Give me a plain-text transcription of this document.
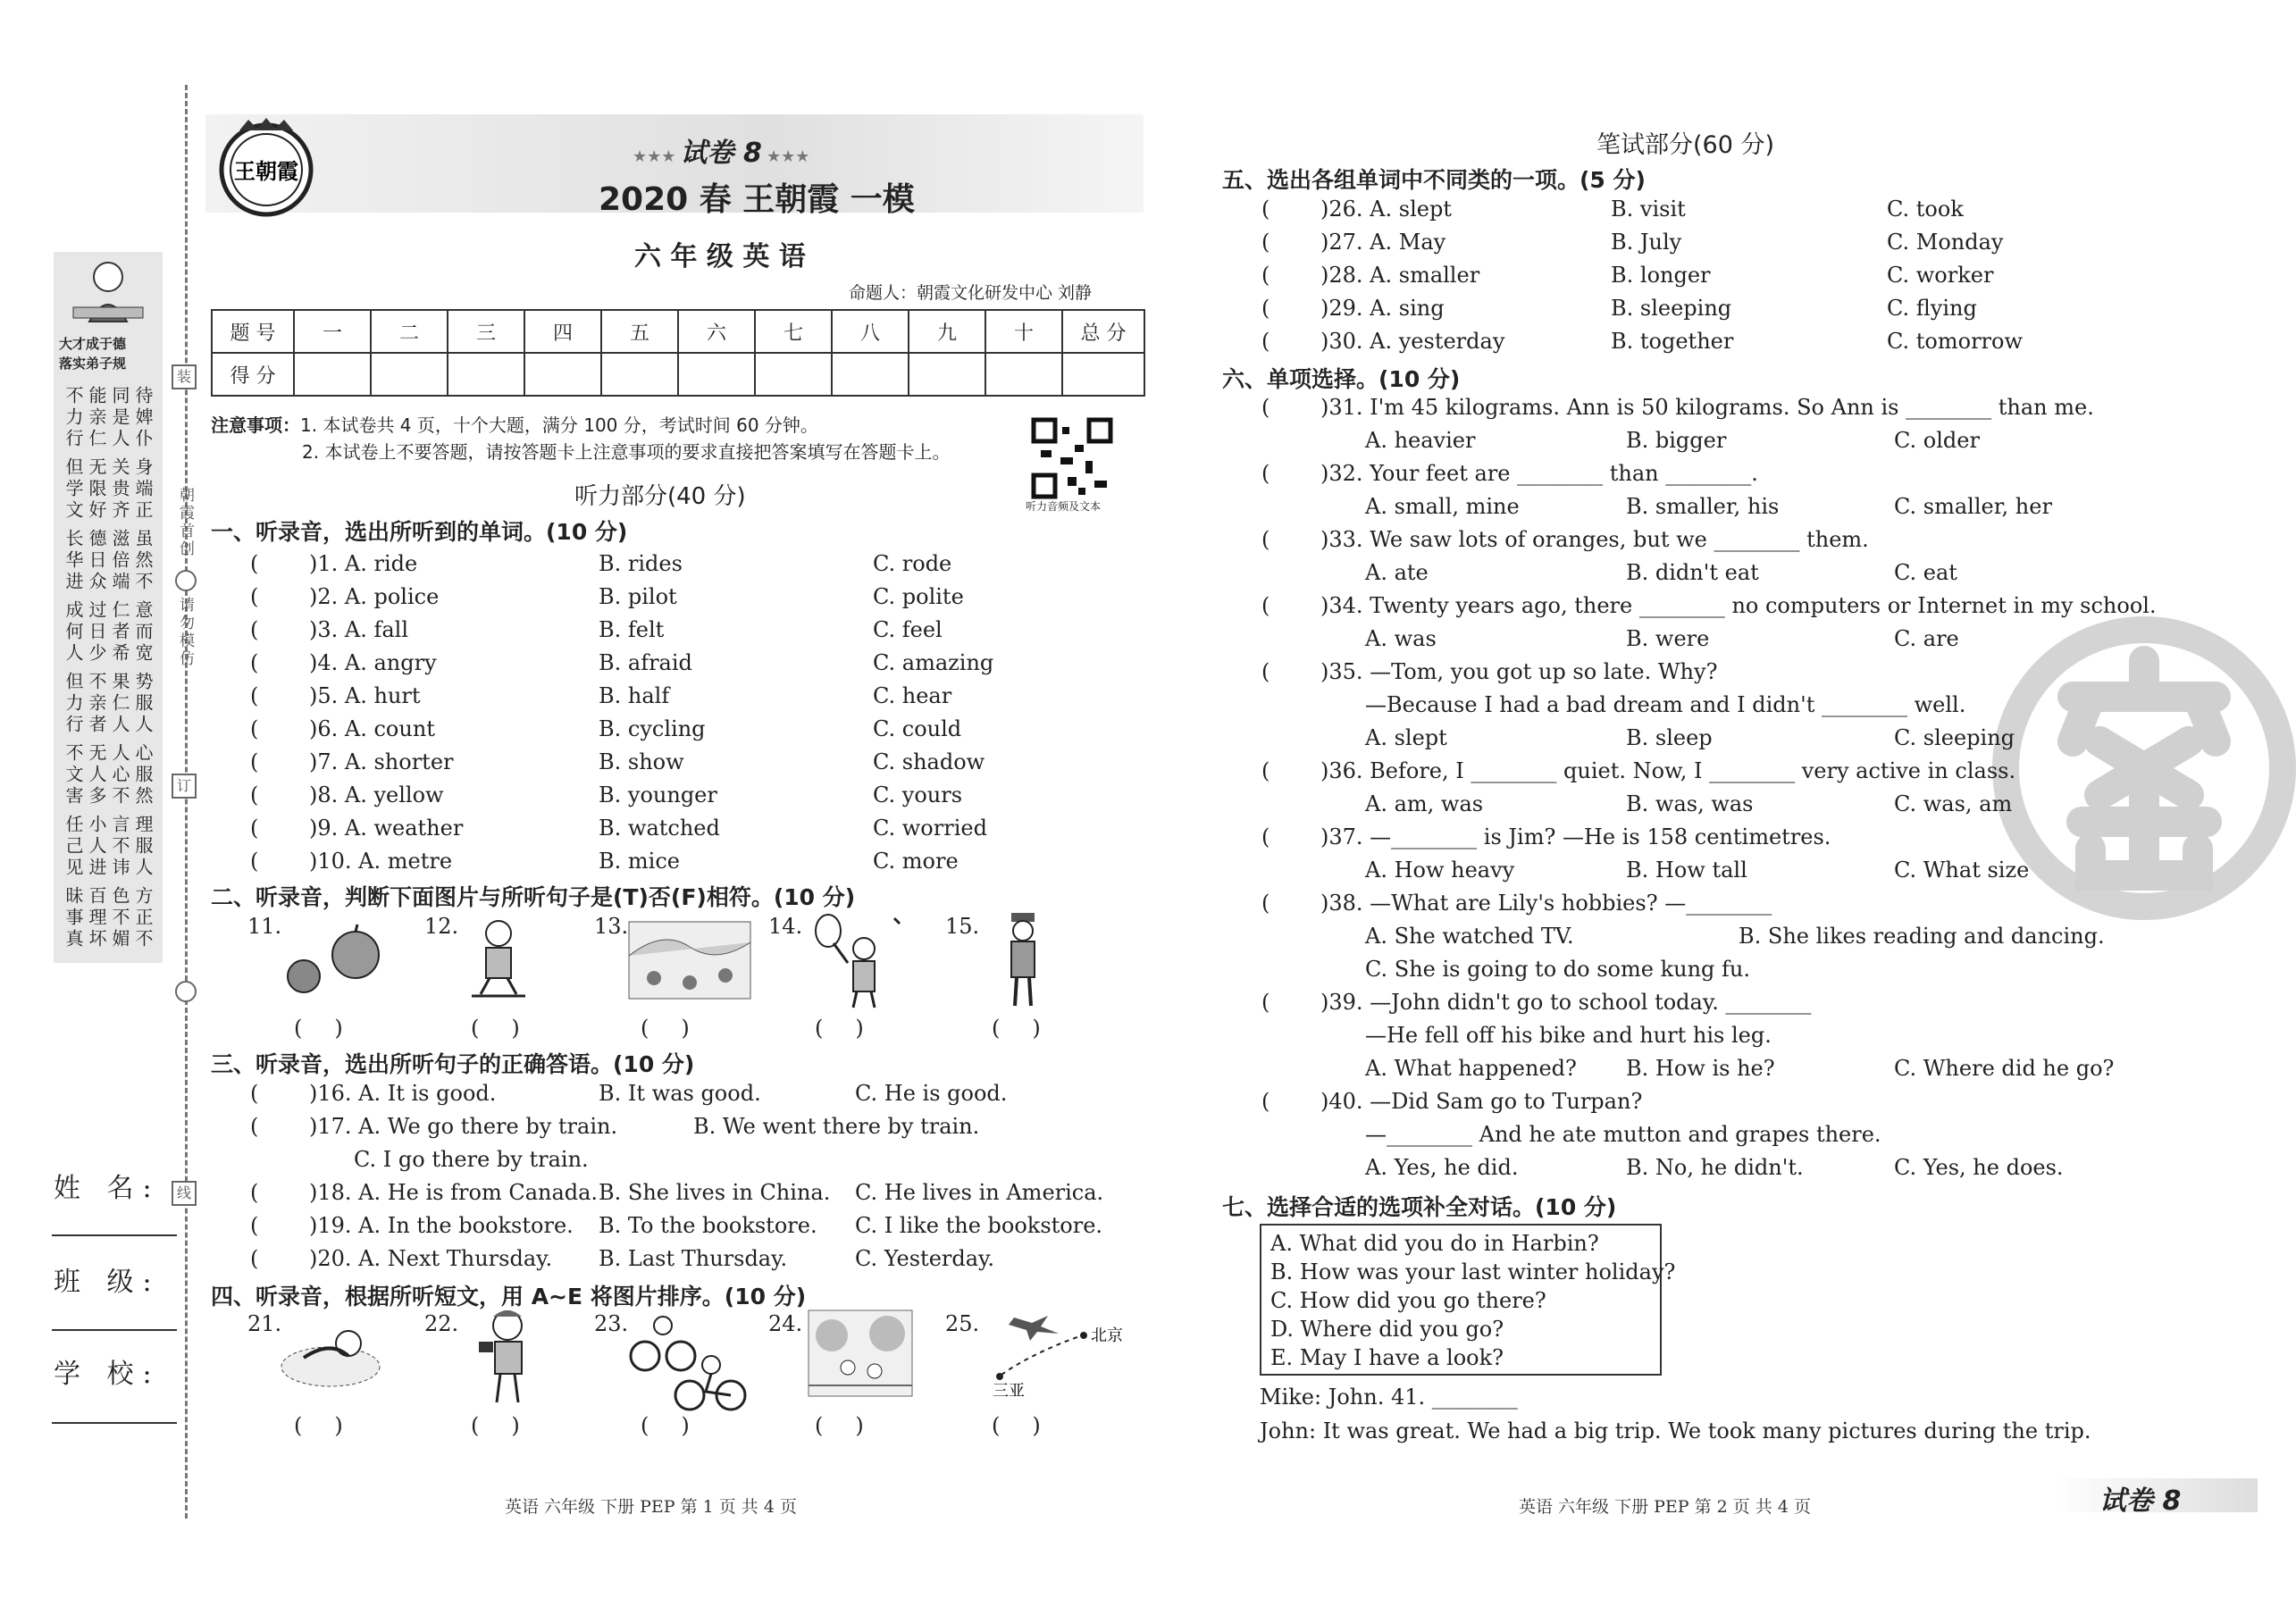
装
朝霞首创
请勿模仿
订
线
大才成于德
落实弟子规
不力行 能亲仁 同是人 待婢仆
但学文 无限好 关贵齐 身端正
长华进 德日众 滋倍端 虽然不
成何人 过日少 仁者希 意而宽
但力行 不亲者 果仁人 势服人
不文害 无人多 人心不 心服然
任己见 小人进 言不讳 理服人
昧事真 百理坏 色不媚 方正不
姓 名:
班 级:
学 校:
王朝霞
★★★ 试卷 8 ★★★
2020 春 王朝霞 一模
六 年 级 英 语
命题人：朝霞文化研发中心 刘静
题 号	一	二	三	四	五	六	七	八	九	十	总 分
得 分											
注意事项：1. 本试卷共 4 页，十个大题，满分 100 分，考试时间 60 分钟。
2. 本试卷上不要答题，请按答题卡上注意事项的要求直接把答案填写在答题卡上。
听力音频及文本
听力部分(40 分)
一、听录音，选出所听到的单词。(10 分)
( )1. A. ride	B. rides	C. rode
( )2. A. police	B. pilot	C. polite
( )3. A. fall	B. felt	C. feel
( )4. A. angry	B. afraid	C. amazing
( )5. A. hurt	B. half	C. hear
( )6. A. count	B. cycling	C. could
( )7. A. shorter	B. show	C. shadow
( )8. A. yellow	B. younger	C. yours
( )9. A. weather	B. watched	C. worried
( )10. A. metre	B. mice	C. more
二、听录音，判断下面图片与所听句子是(T)否(F)相符。(10 分)
11.
()
12.
()
13.
()
14.
()
15.
()
三、听录音，选出所听句子的正确答语。(10 分)
( )16. A. It is good.	B. It was good.	C. He is good.
( )17. A. We go there by train.	B. We went there by train.
C. I go there by train.
( )18. A. He is from Canada. B. She lives in China. C. He lives in America.
( )19. A. In the bookstore. B. To the bookstore. C. I like the bookstore.
( )20. A. Next Thursday. B. Last Thursday.	C. Yesterday.
四、听录音，根据所听短文，用 A~E 将图片排序。(10 分)
21.
()
22.
()
23.
()
24.
()
25.
()
北京
三亚
英语 六年级 下册 PEP 第 1 页 共 4 页
笔试部分(60 分)
五、选出各组单词中不同类的一项。(5 分)
( )26. A. slept	B. visit	C. took
( )27. A. May	B. July	C. Monday
( )28. A. smaller	B. longer	C. worker
( )29. A. sing	B. sleeping	C. flying
( )30. A. yesterday	B. together	C. tomorrow
六、单项选择。(10 分)
( )31. I'm 45 kilograms. Ann is 50 kilograms. So Ann is ________ than me.
A. heavier	B. bigger	C. older
( )32. Your feet are ________ than ________.
A. small, mine	B. smaller, his	C. smaller, her
( )33. We saw lots of oranges, but we ________ them.
A. ate	B. didn't eat	C. eat
( )34. Twenty years ago, there ________ no computers or Internet in my school.
A. was	B. were	C. are
( )35. —Tom, you got up so late. Why?
—Because I had a bad dream and I didn't ________ well.
A. slept	B. sleep	C. sleeping
( )36. Before, I ________ quiet. Now, I ________ very active in class.
A. am, was	B. was, was	C. was, am
( )37. —________ is Jim? —He is 158 centimetres.
A. How heavy	B. How tall	C. What size
( )38. —What are Lily's hobbies? —________
A. She watched TV.	B. She likes reading and dancing.
C. She is going to do some kung fu.
( )39. —John didn't go to school today. ________
—He fell off his bike and hurt his leg.
A. What happened? B. How is he?	C. Where did he go?
( )40. —Did Sam go to Turpan?
—________ And he ate mutton and grapes there.
A. Yes, he did.	B. No, he didn't.	C. Yes, he does.
七、选择合适的选项补全对话。(10 分)
A. What did you do in Harbin?
B. How was your last winter holiday?
C. How did you go there?
D. Where did you go?
E. May I have a look?
Mike: John. 41. ________
John: It was great. We had a big trip. We took many pictures during the trip.
英语 六年级 下册 PEP 第 2 页 共 4 页	试卷 8
